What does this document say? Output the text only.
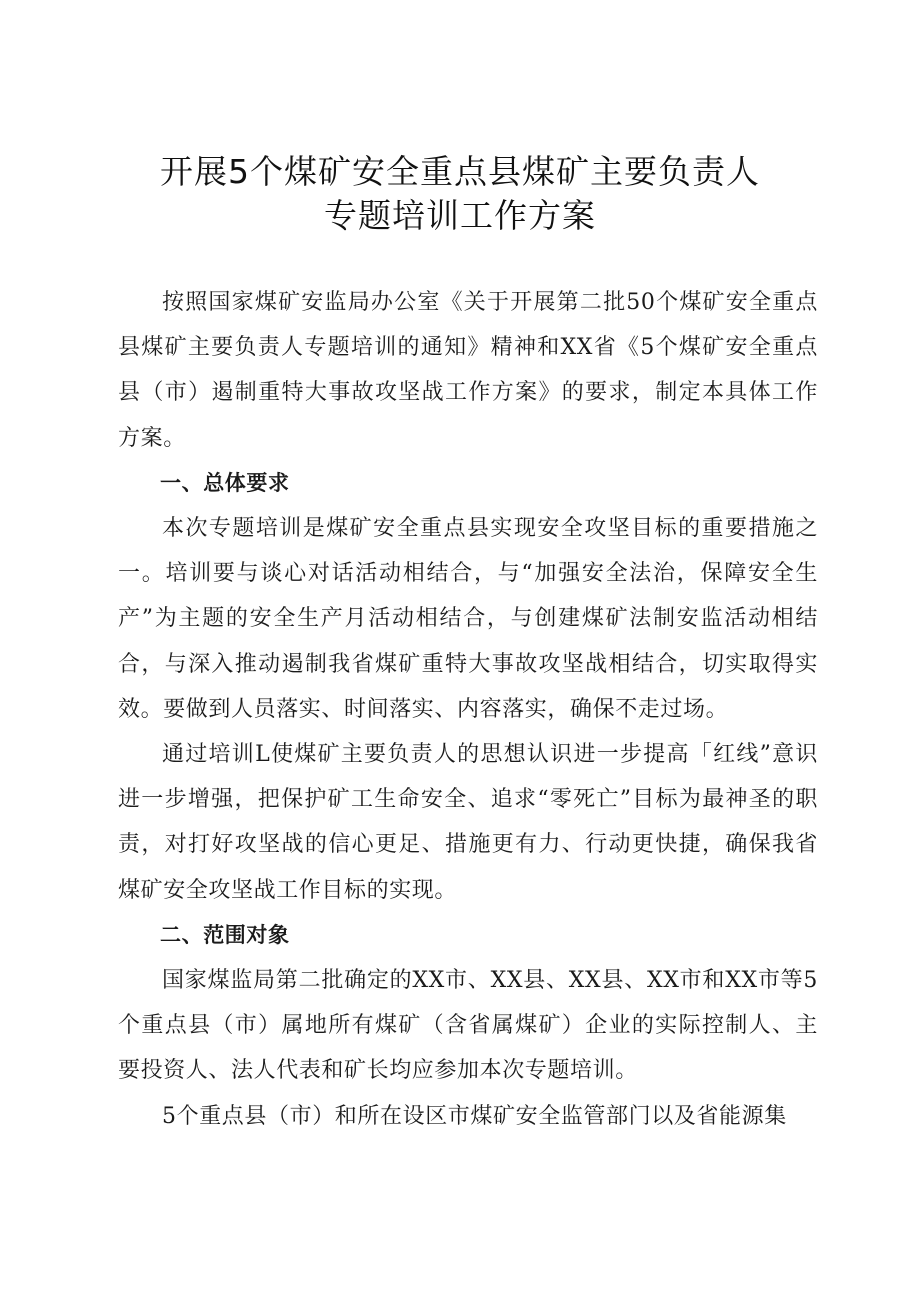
开展5个煤矿安全重点县煤矿主要负责人
专题培训工作方案

按照国家煤矿安监局办公室《关于开展第二批50个煤矿安全重点县煤矿主要负责人专题培训的通知》精神和XX省《5个煤矿安全重点县（市）遏制重特大事故攻坚战工作方案》的要求，制定本具体工作方案。

一、总体要求

本次专题培训是煤矿安全重点县实现安全攻坚目标的重要措施之一。培训要与谈心对话活动相结合，与“加强安全法治，保障安全生产”为主题的安全生产月活动相结合，与创建煤矿法制安监活动相结合，与深入推动遏制我省煤矿重特大事故攻坚战相结合，切实取得实效。要做到人员落实、时间落实、内容落实，确保不走过场。

通过培训L使煤矿主要负责人的思想认识进一步提高「红线”意识进一步增强，把保护矿工生命安全、追求“零死亡”目标为最神圣的职责，对打好攻坚战的信心更足、措施更有力、行动更快捷，确保我省煤矿安全攻坚战工作目标的实现。

二、范围对象

国家煤监局第二批确定的XX市、XX县、XX县、XX市和XX市等5个重点县（市）属地所有煤矿（含省属煤矿）企业的实际控制人、主要投资人、法人代表和矿长均应参加本次专题培训。

5个重点县（市）和所在设区市煤矿安全监管部门以及省能源集
